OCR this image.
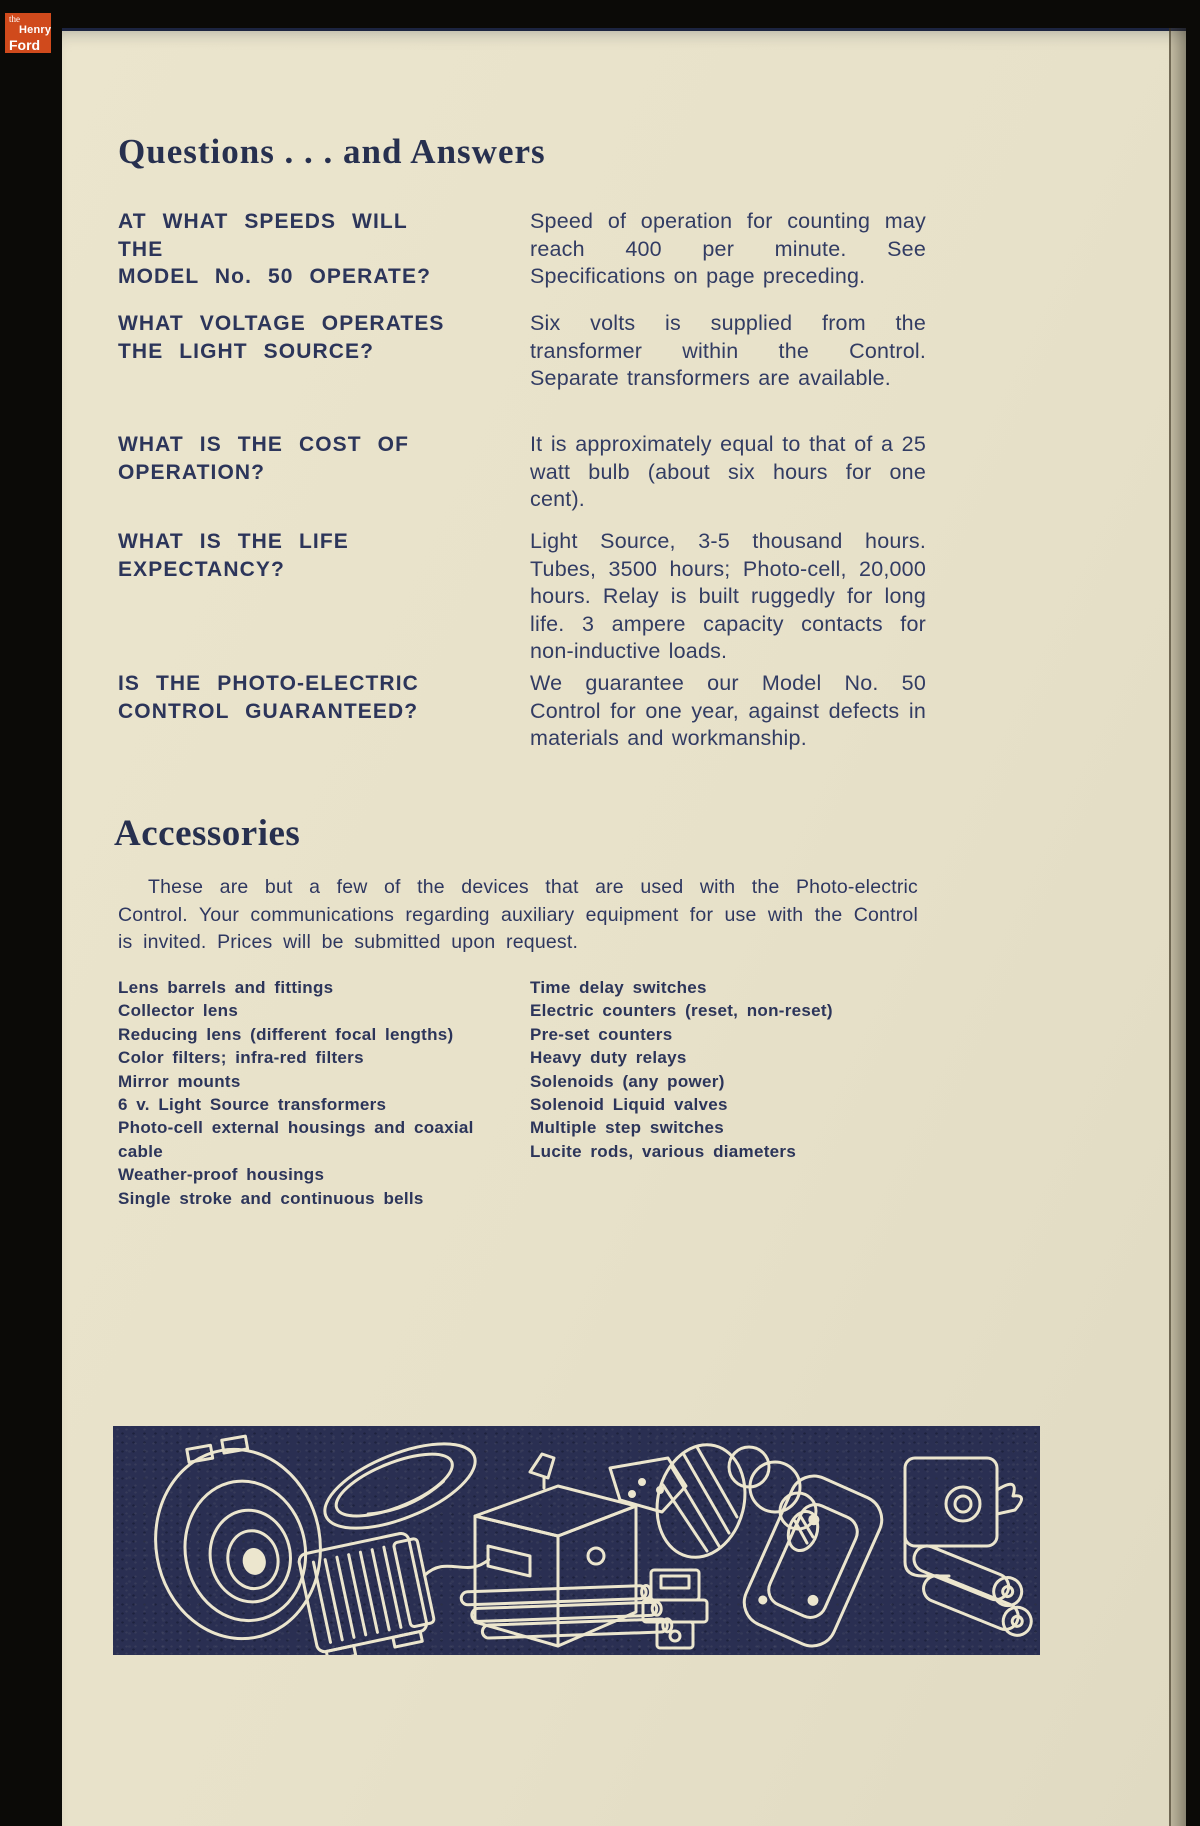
the
Henry
Ford
Questions . . . and Answers
AT WHAT SPEEDS WILL THE
MODEL No. 50 OPERATE?
Speed of operation for counting may reach 400 per minute. See Specifications on page preceding.
WHAT VOLTAGE OPERATES
THE LIGHT SOURCE?
Six volts is supplied from the transformer within the Control. Separate transformers are available.
WHAT IS THE COST OF
OPERATION?
It is approximately equal to that of a 25 watt bulb (about six hours for one cent).
WHAT IS THE LIFE
EXPECTANCY?
Light Source, 3-5 thousand hours. Tubes, 3500 hours; Photo-cell, 20,000 hours. Relay is built ruggedly for long life. 3 ampere capacity contacts for non-inductive loads.
IS THE PHOTO-ELECTRIC
CONTROL GUARANTEED?
We guarantee our Model No. 50 Control for one year, against defects in materials and workmanship.
Accessories

These are but a few of the devices that are used with the Photo-electric Control. Your communications regarding auxiliary equipment for use with the Control is invited. Prices will be submitted upon request.

Lens barrels and fittings
Collector lens
Reducing lens (different focal lengths)
Color filters; infra-red filters
Mirror mounts
6 v. Light Source transformers
Photo-cell external housings and coaxial cable
Weather-proof housings
Single stroke and continuous bells
Time delay switches
Electric counters (reset, non-reset)
Pre-set counters
Heavy duty relays
Solenoids (any power)
Solenoid Liquid valves
Multiple step switches
Lucite rods, various diameters
